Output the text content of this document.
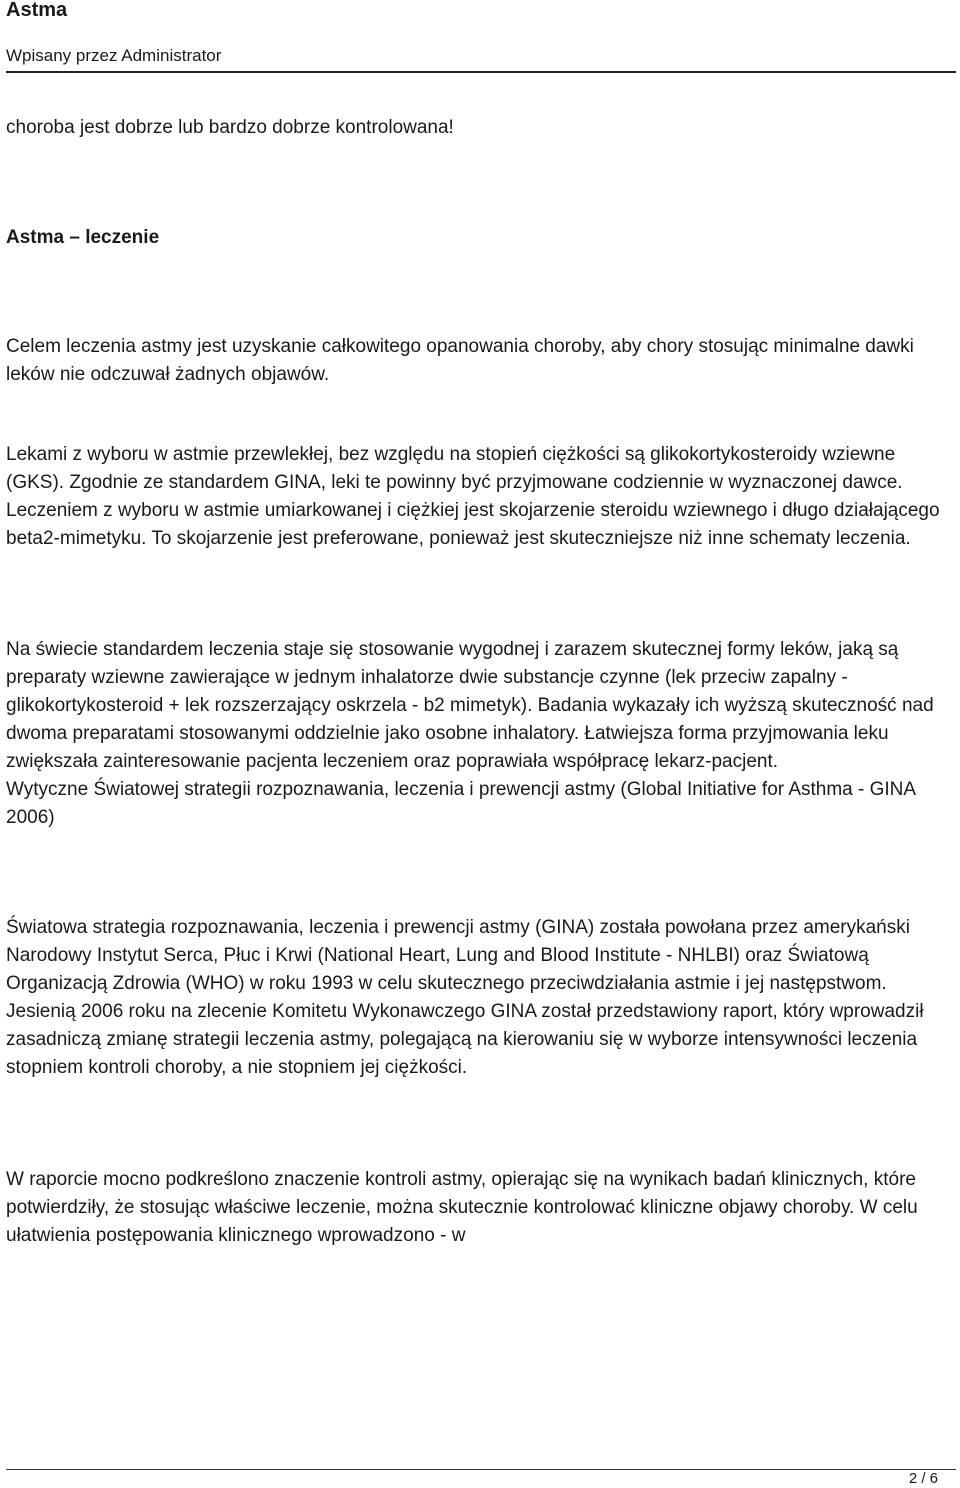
Astma
Wpisany przez Administrator

choroba jest dobrze lub bardzo dobrze kontrolowana!

Astma – leczenie

Celem leczenia astmy jest uzyskanie całkowitego opanowania choroby, aby chory stosując minimalne dawki leków nie odczuwał żadnych objawów.

Lekami z wyboru w astmie przewlekłej, bez względu na stopień ciężkości są glikokortykosteroidy wziewne (GKS). Zgodnie ze standardem GINA, leki te powinny być przyjmowane codziennie w wyznaczonej dawce. Leczeniem z wyboru w astmie umiarkowanej i ciężkiej jest skojarzenie steroidu wziewnego i długo działającego beta2-mimetyku. To skojarzenie jest preferowane, ponieważ jest skuteczniejsze niż inne schematy leczenia.

Na świecie standardem leczenia staje się stosowanie wygodnej i zarazem skutecznej formy leków, jaką są preparaty wziewne zawierające w jednym inhalatorze dwie substancje czynne (lek przeciw zapalny - glikokortykosteroid + lek rozszerzający oskrzela - b2 mimetyk). Badania wykazały ich wyższą skuteczność nad dwoma preparatami stosowanymi oddzielnie jako osobne inhalatory. Łatwiejsza forma przyjmowania leku zwiększała zainteresowanie pacjenta leczeniem oraz poprawiała współpracę lekarz-pacjent.

Wytyczne Światowej strategii rozpoznawania, leczenia i prewencji astmy (Global Initiative for Asthma - GINA 2006)

Światowa strategia rozpoznawania, leczenia i prewencji astmy (GINA) została powołana przez amerykański Narodowy Instytut Serca, Płuc i Krwi (National Heart, Lung and Blood Institute - NHLBI) oraz Światową Organizacją Zdrowia (WHO) w roku 1993 w celu skutecznego przeciwdziałania astmie i jej następstwom.

Jesienią 2006 roku na zlecenie Komitetu Wykonawczego GINA został przedstawiony raport, który wprowadził zasadniczą zmianę strategii leczenia astmy, polegającą na kierowaniu się w wyborze intensywności leczenia stopniem kontroli choroby, a nie stopniem jej ciężkości.

W raporcie mocno podkreślono znaczenie kontroli astmy, opierając się na wynikach badań klinicznych, które potwierdziły, że stosując właściwe leczenie, można skutecznie kontrolować kliniczne objawy choroby. W celu ułatwienia postępowania klinicznego wprowadzono - w

2 / 6
